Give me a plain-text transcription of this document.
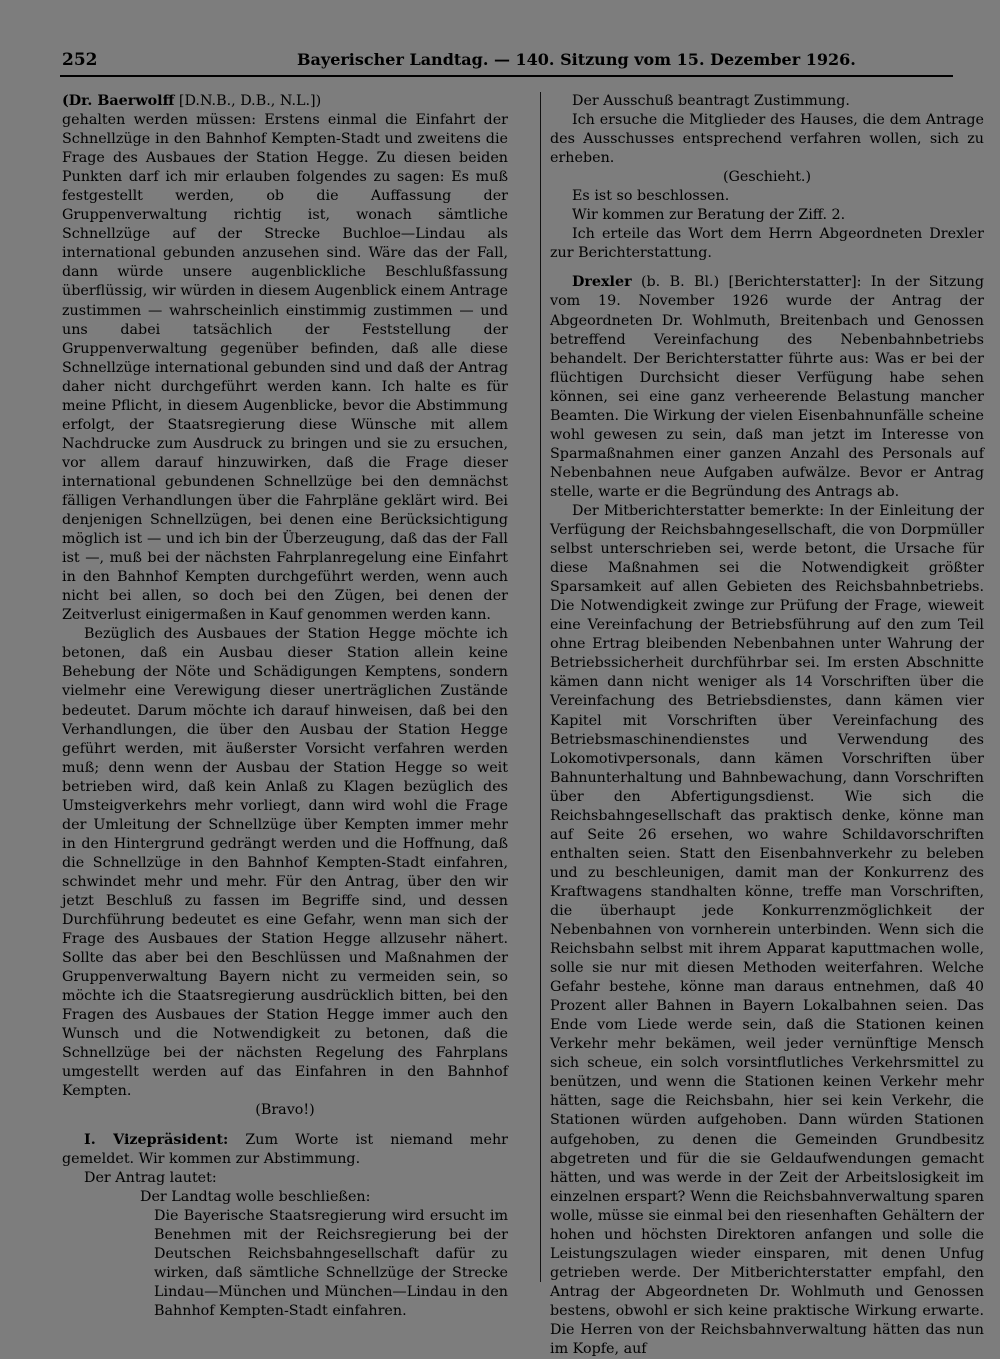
252	Bayerischer Landtag. — 140. Sitzung vom 15. Dezember 1926.

(Dr. Baerwolff [D.N.B., D.B., N.L.])

gehalten werden müssen: Erstens einmal die Einfahrt der Schnellzüge in den Bahnhof Kempten-Stadt und zweitens die Frage des Ausbaues der Station Hegge. Zu diesen beiden Punkten darf ich mir erlauben folgendes zu sagen: Es muß festgestellt werden, ob die Auffassung der Gruppenverwaltung richtig ist, wonach sämtliche Schnellzüge auf der Strecke Buchloe—Lindau als international gebunden anzusehen sind. Wäre das der Fall, dann würde unsere augenblickliche Beschlußfassung überflüssig, wir würden in diesem Augenblick einem Antrage zustimmen — wahrscheinlich einstimmig zustimmen — und uns dabei tatsächlich der Feststellung der Gruppenverwaltung gegenüber befinden, daß alle diese Schnellzüge international gebunden sind und daß der Antrag daher nicht durchgeführt werden kann. Ich halte es für meine Pflicht, in diesem Augenblicke, bevor die Abstimmung erfolgt, der Staatsregierung diese Wünsche mit allem Nachdrucke zum Ausdruck zu bringen und sie zu ersuchen, vor allem darauf hinzuwirken, daß die Frage dieser international gebundenen Schnellzüge bei den demnächst fälligen Verhandlungen über die Fahrpläne geklärt wird. Bei denjenigen Schnellzügen, bei denen eine Berücksichtigung möglich ist — und ich bin der Überzeugung, daß das der Fall ist —, muß bei der nächsten Fahrplanregelung eine Einfahrt in den Bahnhof Kempten durchgeführt werden, wenn auch nicht bei allen, so doch bei den Zügen, bei denen der Zeitverlust einigermaßen in Kauf genommen werden kann.

Bezüglich des Ausbaues der Station Hegge möchte ich betonen, daß ein Ausbau dieser Station allein keine Behebung der Nöte und Schädigungen Kemptens, sondern vielmehr eine Verewigung dieser unerträglichen Zustände bedeutet. Darum möchte ich darauf hinweisen, daß bei den Verhandlungen, die über den Ausbau der Station Hegge geführt werden, mit äußerster Vorsicht verfahren werden muß; denn wenn der Ausbau der Station Hegge so weit betrieben wird, daß kein Anlaß zu Klagen bezüglich des Umsteigverkehrs mehr vorliegt, dann wird wohl die Frage der Umleitung der Schnellzüge über Kempten immer mehr in den Hintergrund gedrängt werden und die Hoffnung, daß die Schnellzüge in den Bahnhof Kempten-Stadt einfahren, schwindet mehr und mehr. Für den Antrag, über den wir jetzt Beschluß zu fassen im Begriffe sind, und dessen Durchführung bedeutet es eine Gefahr, wenn man sich der Frage des Ausbaues der Station Hegge allzusehr nähert. Sollte das aber bei den Beschlüssen und Maßnahmen der Gruppenverwaltung Bayern nicht zu vermeiden sein, so möchte ich die Staatsregierung ausdrücklich bitten, bei den Fragen des Ausbaues der Station Hegge immer auch den Wunsch und die Notwendigkeit zu betonen, daß die Schnellzüge bei der nächsten Regelung des Fahrplans umgestellt werden auf das Einfahren in den Bahnhof Kempten.

(Bravo!)

I. Vizepräsident: Zum Worte ist niemand mehr gemeldet. Wir kommen zur Abstimmung.

Der Antrag lautet:

Der Landtag wolle beschließen:

Die Bayerische Staatsregierung wird ersucht im Benehmen mit der Reichsregierung bei der Deutschen Reichsbahngesellschaft dafür zu wirken, daß sämtliche Schnellzüge der Strecke Lindau—München und München—Lindau in den Bahnhof Kempten-Stadt einfahren.

Der Ausschuß beantragt Zustimmung.

Ich ersuche die Mitglieder des Hauses, die dem Antrage des Ausschusses entsprechend verfahren wollen, sich zu erheben.

(Geschieht.)

Es ist so beschlossen.

Wir kommen zur Beratung der Ziff. 2.

Ich erteile das Wort dem Herrn Abgeordneten Drexler zur Berichterstattung.

Drexler (b. B. Bl.) [Berichterstatter]: In der Sitzung vom 19. November 1926 wurde der Antrag der Abgeordneten Dr. Wohlmuth, Breitenbach und Genossen betreffend Vereinfachung des Nebenbahnbetriebs behandelt. Der Berichterstatter führte aus: Was er bei der flüchtigen Durchsicht dieser Verfügung habe sehen können, sei eine ganz verheerende Belastung mancher Beamten. Die Wirkung der vielen Eisenbahnunfälle scheine wohl gewesen zu sein, daß man jetzt im Interesse von Sparmaßnahmen einer ganzen Anzahl des Personals auf Nebenbahnen neue Aufgaben aufwälze. Bevor er Antrag stelle, warte er die Begründung des Antrags ab.

Der Mitberichterstatter bemerkte: In der Einleitung der Verfügung der Reichsbahngesellschaft, die von Dorpmüller selbst unterschrieben sei, werde betont, die Ursache für diese Maßnahmen sei die Notwendigkeit größter Sparsamkeit auf allen Gebieten des Reichsbahnbetriebs. Die Notwendigkeit zwinge zur Prüfung der Frage, wieweit eine Vereinfachung der Betriebsführung auf den zum Teil ohne Ertrag bleibenden Nebenbahnen unter Wahrung der Betriebssicherheit durchführbar sei. Im ersten Abschnitte kämen dann nicht weniger als 14 Vorschriften über die Vereinfachung des Betriebsdienstes, dann kämen vier Kapitel mit Vorschriften über Vereinfachung des Betriebsmaschinendienstes und Verwendung des Lokomotivpersonals, dann kämen Vorschriften über Bahnunterhaltung und Bahnbewachung, dann Vorschriften über den Abfertigungsdienst. Wie sich die Reichsbahngesellschaft das praktisch denke, könne man auf Seite 26 ersehen, wo wahre Schildavorschriften enthalten seien. Statt den Eisenbahnverkehr zu beleben und zu beschleunigen, damit man der Konkurrenz des Kraftwagens standhalten könne, treffe man Vorschriften, die überhaupt jede Konkurrenzmöglichkeit der Nebenbahnen von vornherein unterbinden. Wenn sich die Reichsbahn selbst mit ihrem Apparat kaputtmachen wolle, solle sie nur mit diesen Methoden weiterfahren. Welche Gefahr bestehe, könne man daraus entnehmen, daß 40 Prozent aller Bahnen in Bayern Lokalbahnen seien. Das Ende vom Liede werde sein, daß die Stationen keinen Verkehr mehr bekämen, weil jeder vernünftige Mensch sich scheue, ein solch vorsintflutliches Verkehrsmittel zu benützen, und wenn die Stationen keinen Verkehr mehr hätten, sage die Reichsbahn, hier sei kein Verkehr, die Stationen würden aufgehoben. Dann würden Stationen aufgehoben, zu denen die Gemeinden Grundbesitz abgetreten und für die sie Geldaufwendungen gemacht hätten, und was werde in der Zeit der Arbeitslosigkeit im einzelnen erspart? Wenn die Reichsbahnverwaltung sparen wolle, müsse sie einmal bei den riesenhaften Gehältern der hohen und höchsten Direktoren anfangen und solle die Leistungszulagen wieder einsparen, mit denen Unfug getrieben werde. Der Mitberichterstatter empfahl, den Antrag der Abgeordneten Dr. Wohlmuth und Genossen bestens, obwohl er sich keine praktische Wirkung erwarte. Die Herren von der Reichsbahnverwaltung hätten das nun im Kopfe, auf
